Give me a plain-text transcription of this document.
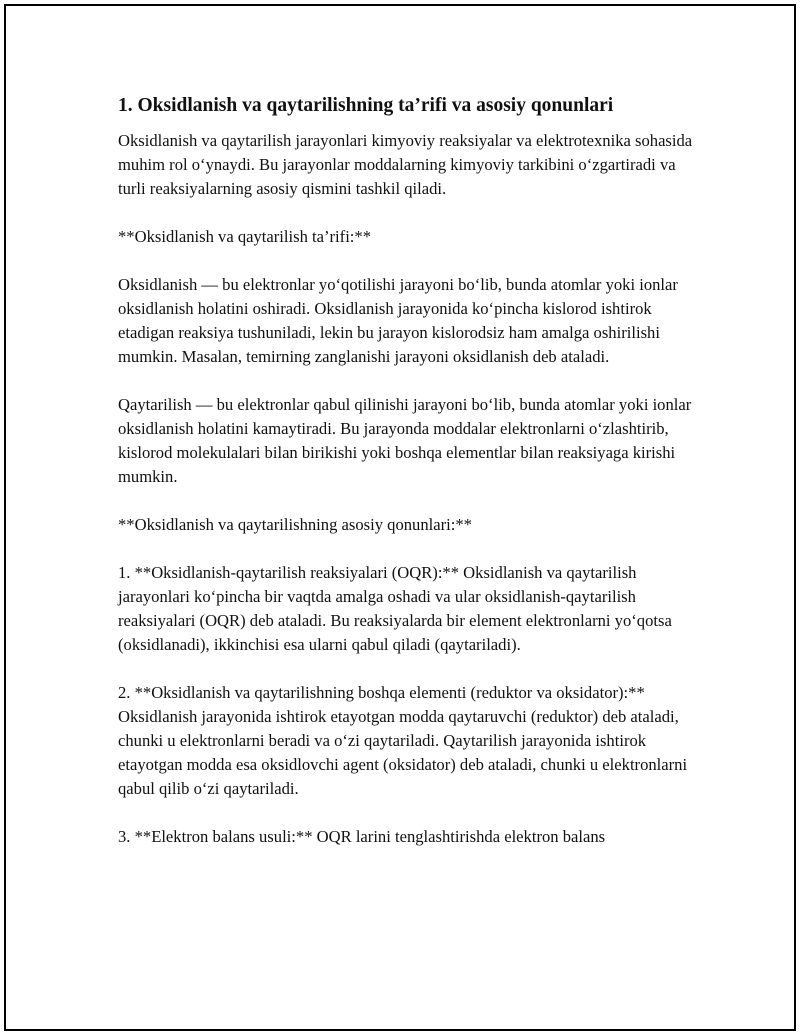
1. Oksidlanish va qaytarilishning ta’rifi va asosiy qonunlari

Oksidlanish va qaytarilish jarayonlari kimyoviy reaksiyalar va elektrotexnika sohasida muhim rol o‘ynaydi. Bu jarayonlar moddalarning kimyoviy tarkibini o‘zgartiradi va turli reaksiyalarning asosiy qismini tashkil qiladi.

**Oksidlanish va qaytarilish ta’rifi:**

Oksidlanish — bu elektronlar yo‘qotilishi jarayoni bo‘lib, bunda atomlar yoki ionlar oksidlanish holatini oshiradi. Oksidlanish jarayonida ko‘pincha kislorod ishtirok etadigan reaksiya tushuniladi, lekin bu jarayon kislorodsiz ham amalga oshirilishi mumkin. Masalan, temirning zanglanishi jarayoni oksidlanish deb ataladi.

Qaytarilish — bu elektronlar qabul qilinishi jarayoni bo‘lib, bunda atomlar yoki ionlar oksidlanish holatini kamaytiradi. Bu jarayonda moddalar elektronlarni o‘zlashtirib, kislorod molekulalari bilan birikishi yoki boshqa elementlar bilan reaksiyaga kirishi mumkin.

**Oksidlanish va qaytarilishning asosiy qonunlari:**

1. **Oksidlanish-qaytarilish reaksiyalari (OQR):** Oksidlanish va qaytarilish jarayonlari ko‘pincha bir vaqtda amalga oshadi va ular oksidlanish-qaytarilish reaksiyalari (OQR) deb ataladi. Bu reaksiyalarda bir element elektronlarni yo‘qotsa (oksidlanadi), ikkinchisi esa ularni qabul qiladi (qaytariladi).

2. **Oksidlanish va qaytarilishning boshqa elementi (reduktor va oksidator):** Oksidlanish jarayonida ishtirok etayotgan modda qaytaruvchi (reduktor) deb ataladi, chunki u elektronlarni beradi va o‘zi qaytariladi. Qaytarilish jarayonida ishtirok etayotgan modda esa oksidlovchi agent (oksidator) deb ataladi, chunki u elektronlarni qabul qilib o‘zi qaytariladi.

3. **Elektron balans usuli:** OQR larini tenglashtirishda elektron balans
